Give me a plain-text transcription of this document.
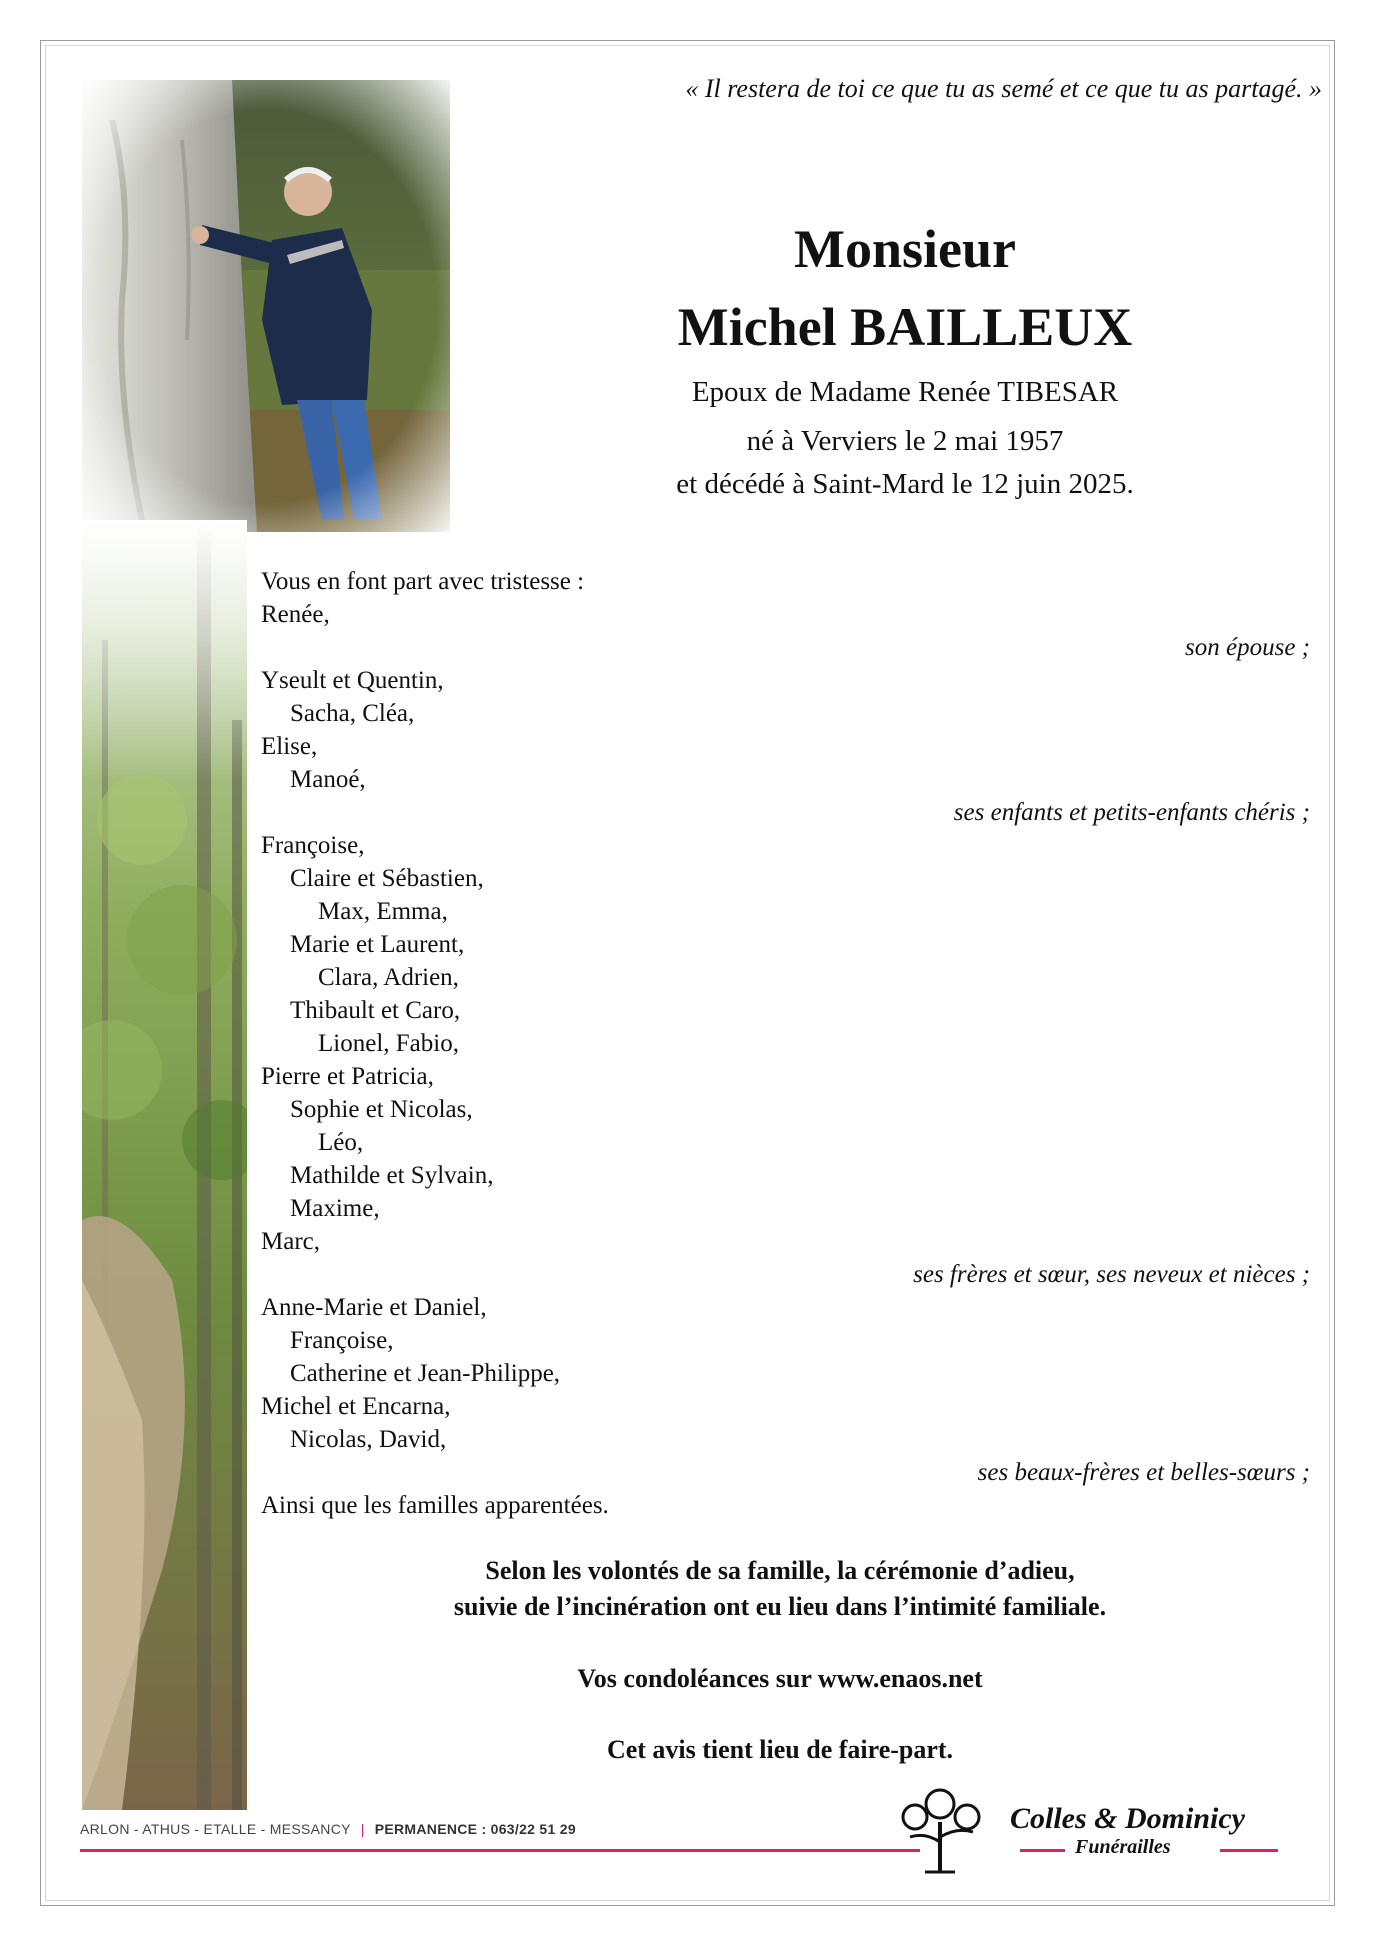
« Il restera de toi ce que tu as semé et ce que tu as partagé. »
Monsieur
Michel BAILLEUX
Epoux de Madame Renée TIBESAR
né à Verviers le 2 mai 1957
et décédé à Saint-Mard le 12 juin 2025.
Vous en font part avec tristesse :
Renée,
son épouse ;
Yseult et Quentin,
Sacha, Cléa,
Elise,
Manoé,
ses enfants et petits-enfants chéris ;
Françoise,
Claire et Sébastien,
Max, Emma,
Marie et Laurent,
Clara, Adrien,
Thibault et Caro,
Lionel, Fabio,
Pierre et Patricia,
Sophie et Nicolas,
Léo,
Mathilde et Sylvain,
Maxime,
Marc,
ses frères et sœur, ses neveux et nièces ;
Anne-Marie et Daniel,
Françoise,
Catherine et Jean-Philippe,
Michel et Encarna,
Nicolas, David,
ses beaux-frères et belles-sœurs ;
Ainsi que les familles apparentées.
Selon les volontés de sa famille, la cérémonie d’adieu,
suivie de l’incinération ont eu lieu dans l’intimité familiale.
Vos condoléances sur www.enaos.net
Cet avis tient lieu de faire-part.
ARLON - ATHUS - ETALLE - MESSANCY | PERMANENCE : 063/22 51 29	Colles & Dominicy
Funérailles
